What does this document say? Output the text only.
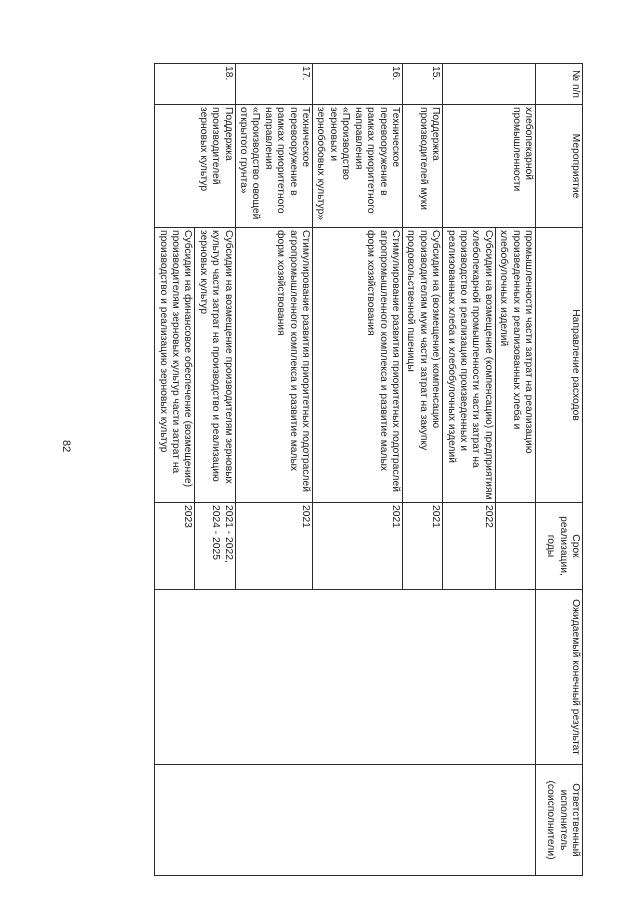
82
№ п/п	Мероприятие	Направление расходов	Срок реализации, годы	Ожидаемый конечный результат	Ответственный исполнитель (соисполнители)
	хлебопекарной промышленности	промышленности части затрат на реализацию произведенных и реализованных хлеба и хлебобулочных изделий			
		Субсидии на возмещение (компенсацию) предприятиям хлебопекарной промышленности части затрат на производство и реализацию произведенных и реализованных хлеба и хлебобулочных изделий	2022		
15.	Поддержка производителей муки	Субсидии на (возмещение) компенсацию производителям муки части затрат на закупку продовольственной пшеницы	2021		
16.	Техническое перевооружение в рамках приоритетного направления «Производство зерновых и зернобобовых культур»	Стимулирование развития приоритетных подотраслей агропромышленного комплекса и развитие малых форм хозяйствования	2021		
17.	Техническое перевооружение в рамках приоритетного направления «Производство овощей открытого грунта»	Стимулирование развития приоритетных подотраслей агропромышленного комплекса и развитие малых форм хозяйствования	2021		
18.	Поддержка производителей зерновых культур	Субсидии на возмещение производителям зерновых культур части затрат на производство и реализацию зерновых культур	2021 - 2022, 2024 - 2025		
		Субсидии на финансовое обеспечение (возмещение) производителям зерновых культур части затрат на производство и реализацию зерновых культур	2023		
